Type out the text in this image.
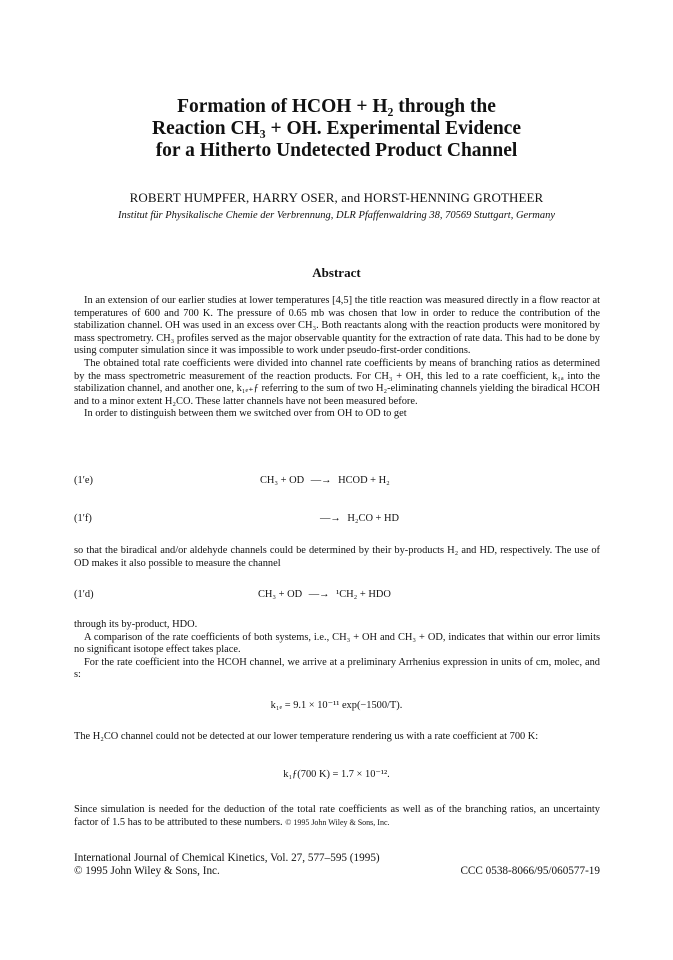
Formation of HCOH + H₂ through the
Reaction CH₃ + OH. Experimental Evidence
for a Hitherto Undetected Product Channel
ROBERT HUMPFER, HARRY OSER, and HORST-HENNING GROTHEER
Institut für Physikalische Chemie der Verbrennung, DLR Pfaffenwaldring 38, 70569 Stuttgart, Germany
Abstract

In an extension of our earlier studies at lower temperatures [4,5] the title reaction was measured directly in a flow reactor at temperatures of 600 and 700 K. The pressure of 0.65 mb was chosen that low in order to reduce the contribution of the stabilization channel. OH was used in an excess over CH₃. Both reactants along with the reaction products were monitored by mass spectrometry. CH₃ profiles served as the major observable quantity for the extraction of rate data. This had to be done by using computer simulation since it was impossible to work under pseudo-first-order conditions.

The obtained total rate coefficients were divided into channel rate coefficients by means of branching ratios as determined by the mass spectrometric measurement of the reaction products. For CH₃ + OH, this led to a rate coefficient, k₁ₐ into the stabilization channel, and another one, k₁ₑ₊ƒ referring to the sum of two H₂-eliminating channels yielding the biradical HCOH and to a minor extent H₂CO. These latter channels have not been measured before.

In order to distinguish between them we switched over from OH to OD to get

(1′e)	CH₃ + OD —→ HCOD + H₂
(1′f)	—→ H₂CO + HD

so that the biradical and/or aldehyde channels could be determined by their by-products H₂ and HD, respectively. The use of OD makes it also possible to measure the channel

(1′d)	CH₃ + OD —→ ¹CH₂ + HDO

through its by-product, HDO.

A comparison of the rate coefficients of both systems, i.e., CH₃ + OH and CH₃ + OD, indicates that within our error limits no significant isotope effect takes place.

For the rate coefficient into the HCOH channel, we arrive at a preliminary Arrhenius expression in units of cm, molec, and s:

k₁ₑ = 9.1 × 10⁻¹¹ exp(−1500/T).

The H₂CO channel could not be detected at our lower temperature rendering us with a rate coefficient at 700 K:

k₁ƒ(700 K) = 1.7 × 10⁻¹².

Since simulation is needed for the deduction of the total rate coefficients as well as of the branching ratios, an uncertainty factor of 1.5 has to be attributed to these numbers. © 1995 John Wiley & Sons, Inc.

International Journal of Chemical Kinetics, Vol. 27, 577–595 (1995)
© 1995 John Wiley & Sons, Inc.	CCC 0538-8066/95/060577-19
